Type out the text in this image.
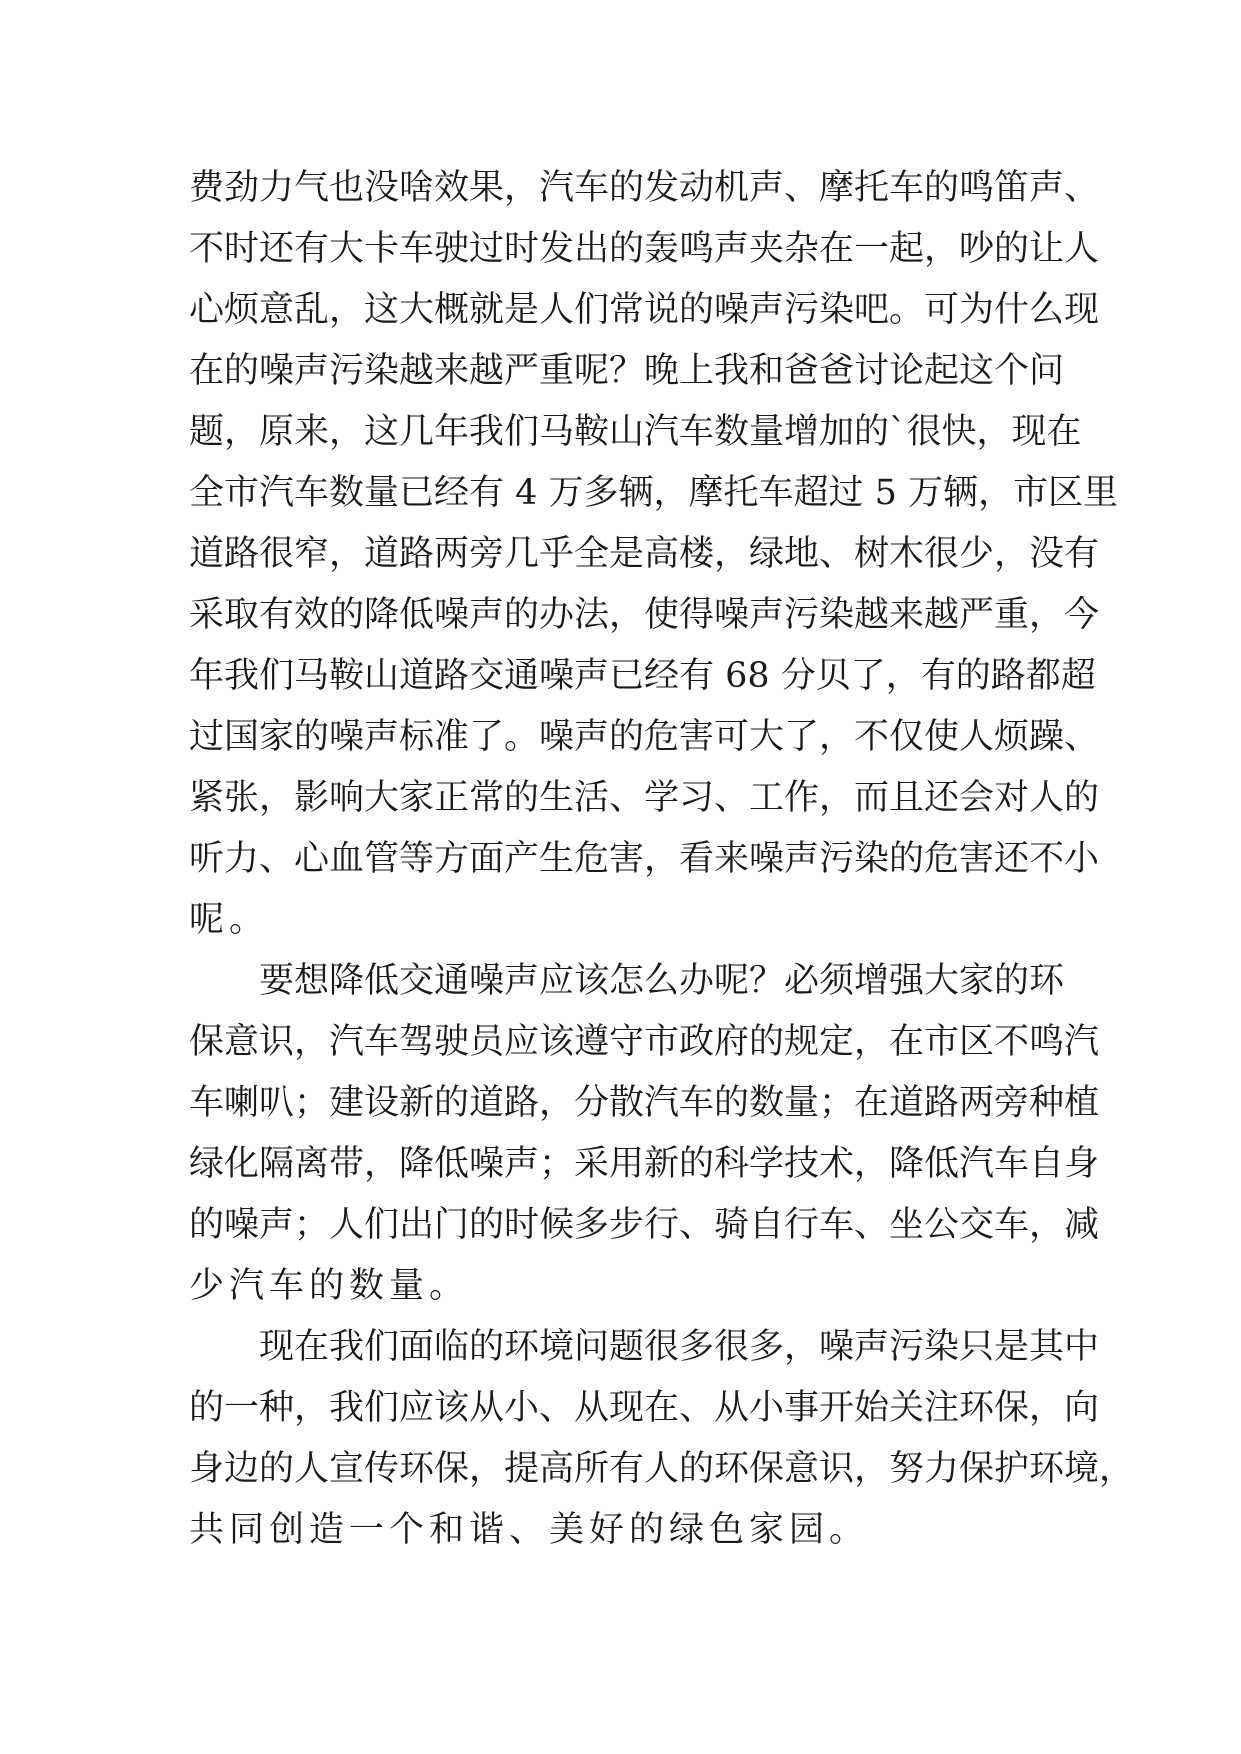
费劲力气也没啥效果，汽车的发动机声、摩托车的鸣笛声、
不时还有大卡车驶过时发出的轰鸣声夹杂在一起，吵的让人
心烦意乱，这大概就是人们常说的噪声污染吧。可为什么现
在的噪声污染越来越严重呢？晚上我和爸爸讨论起这个问
题，原来，这几年我们马鞍山汽车数量增加的`很快，现在
全市汽车数量已经有 4 万多辆，摩托车超过 5 万辆，市区里
道路很窄，道路两旁几乎全是高楼，绿地、树木很少，没有
采取有效的降低噪声的办法，使得噪声污染越来越严重，今
年我们马鞍山道路交通噪声已经有 68 分贝了，有的路都超
过国家的噪声标准了。噪声的危害可大了，不仅使人烦躁、
紧张，影响大家正常的生活、学习、工作，而且还会对人的
听力、心血管等方面产生危害，看来噪声污染的危害还不小
呢。
要想降低交通噪声应该怎么办呢？必须增强大家的环
保意识，汽车驾驶员应该遵守市政府的规定，在市区不鸣汽
车喇叭；建设新的道路，分散汽车的数量；在道路两旁种植
绿化隔离带，降低噪声；采用新的科学技术，降低汽车自身
的噪声；人们出门的时候多步行、骑自行车、坐公交车，减
少汽车的数量。
现在我们面临的环境问题很多很多，噪声污染只是其中
的一种，我们应该从小、从现在、从小事开始关注环保，向
身边的人宣传环保，提高所有人的环保意识，努力保护环境，
共同创造一个和谐、美好的绿色家园。
